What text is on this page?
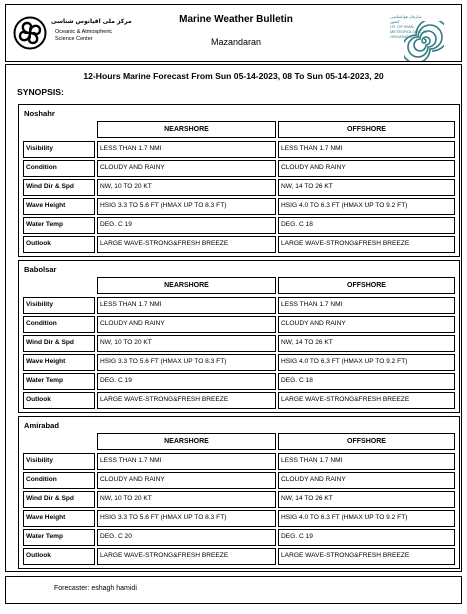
مرکز ملی اقیانوس شناسی
Oceanic & Atmospheric
Science Center
Marine Weather Bulletin
Mazandaran
سازمان هواشناسی کشور
I.R. OF IRAN
METEOROLOGICAL
ORGANIZATION
12-Hours Marine Forecast From Sun 05-14-2023, 08 To Sun 05-14-2023, 20
SYNOPSIS:
Noshahr
NEARSHORE	OFFSHORE
Visibility	LESS THAN 1.7 NMI	LESS THAN 1.7 NMI
Condition	CLOUDY AND RAINY	CLOUDY AND RAINY
Wind Dir & Spd	NW, 10 TO 20 KT	NW, 14 TO 26 KT
Wave Height	HSIG 3.3 TO 5.6 FT (HMAX UP TO 8.3 FT)	HSIG 4.0 TO 6.3 FT (HMAX UP TO 9.2 FT)
Water Temp	DEG. C 19	DEG. C 18
Outlook	LARGE WAVE-STRONG&FRESH BREEZE	LARGE WAVE-STRONG&FRESH BREEZE
Babolsar
NEARSHORE	OFFSHORE
Visibility	LESS THAN 1.7 NMI	LESS THAN 1.7 NMI
Condition	CLOUDY AND RAINY	CLOUDY AND RAINY
Wind Dir & Spd	NW, 10 TO 20 KT	NW, 14 TO 26 KT
Wave Height	HSIG 3.3 TO 5.6 FT (HMAX UP TO 8.3 FT)	HSIG 4.0 TO 6.3 FT (HMAX UP TO 9.2 FT)
Water Temp	DEG. C 19	DEG. C 18
Outlook	LARGE WAVE-STRONG&FRESH BREEZE	LARGE WAVE-STRONG&FRESH BREEZE
Amirabad
NEARSHORE	OFFSHORE
Visibility	LESS THAN 1.7 NMI	LESS THAN 1.7 NMI
Condition	CLOUDY AND RAINY	CLOUDY AND RAINY
Wind Dir & Spd	NW, 10 TO 20 KT	NW, 14 TO 26 KT
Wave Height	HSIG 3.3 TO 5.6 FT (HMAX UP TO 8.3 FT)	HSIG 4.0 TO 6.3 FT (HMAX UP TO 9.2 FT)
Water Temp	DEG. C 20	DEG. C 19
Outlook	LARGE WAVE-STRONG&FRESH BREEZE	LARGE WAVE-STRONG&FRESH BREEZE
Forecaster: eshagh hamidi
